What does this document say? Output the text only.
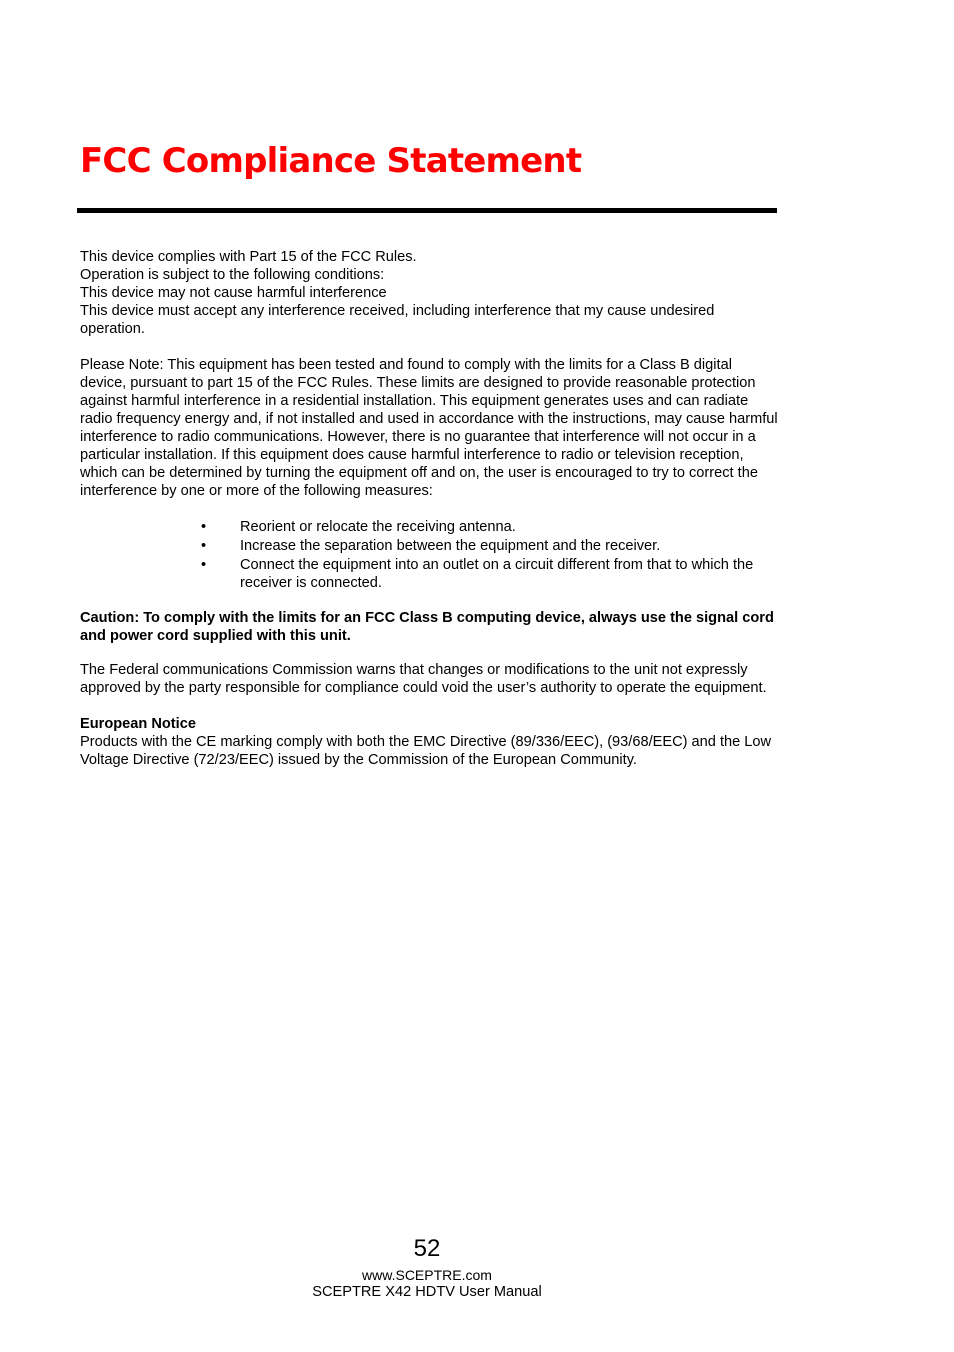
FCC Compliance Statement

This device complies with Part 15 of the FCC Rules.

Operation is subject to the following conditions:

This device may not cause harmful interference

This device must accept any interference received, including interference that my cause undesired operation.

Please Note: This equipment has been tested and found to comply with the limits for a Class B digital device, pursuant to part 15 of the FCC Rules. These limits are designed to provide reasonable protection against harmful interference in a residential installation. This equipment generates uses and can radiate radio frequency energy and, if not installed and used in accordance with the instructions, may cause harmful interference to radio communications. However, there is no guarantee that interference will not occur in a particular installation. If this equipment does cause harmful interference to radio or television reception, which can be determined by turning the equipment off and on, the user is encouraged to try to correct the interference by one or more of the following measures:

• Reorient or relocate the receiving antenna.
• Increase the separation between the equipment and the receiver.
• Connect the equipment into an outlet on a circuit different from that to which the receiver is connected.

Caution: To comply with the limits for an FCC Class B computing device, always use the signal cord and power cord supplied with this unit.

The Federal communications Commission warns that changes or modifications to the unit not expressly approved by the party responsible for compliance could void the user’s authority to operate the equipment.

European Notice

Products with the CE marking comply with both the EMC Directive (89/336/EEC), (93/68/EEC) and the Low Voltage Directive (72/23/EEC) issued by the Commission of the European Community.

52
www.SCEPTRE.com
SCEPTRE X42 HDTV User Manual
